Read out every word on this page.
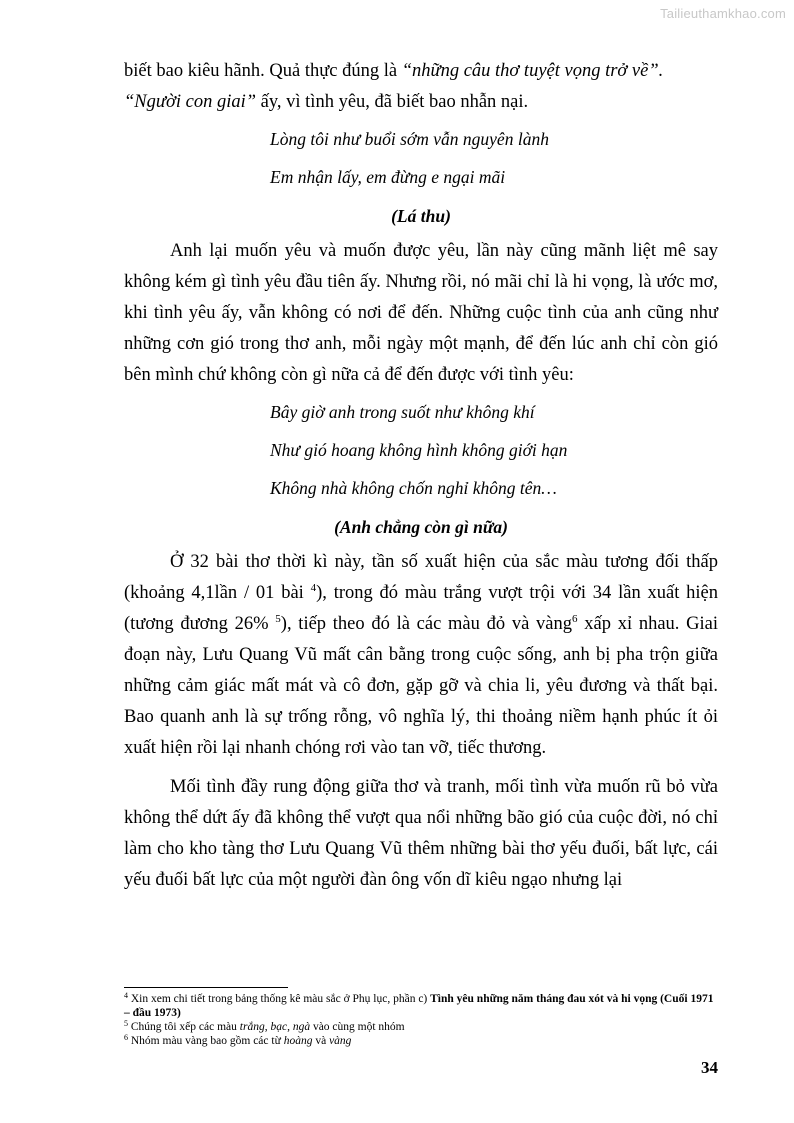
Tailieuthamkhao.com

biết bao kiêu hãnh. Quả thực đúng là “những câu thơ tuyệt vọng trở về”.
“Người con giai” ấy, vì tình yêu, đã biết bao nhẫn nại.

Lòng tôi như buổi sớm vẫn nguyên lành

Em nhận lấy, em đừng e ngại mãi

(Lá thu)

Anh lại muốn yêu và muốn được yêu, lần này cũng mãnh liệt mê say không kém gì tình yêu đầu tiên ấy. Nhưng rồi, nó mãi chỉ là hi vọng, là ước mơ, khi tình yêu ấy, vẫn không có nơi để đến. Những cuộc tình của anh cũng như những cơn gió trong thơ anh, mỗi ngày một mạnh, để đến lúc anh chỉ còn gió bên mình chứ không còn gì nữa cả để đến được với tình yêu:

Bây giờ anh trong suốt như không khí

Như gió hoang không hình không giới hạn

Không nhà không chốn nghỉ không tên…

(Anh chẳng còn gì nữa)

Ở 32 bài thơ thời kì này, tần số xuất hiện của sắc màu tương đối thấp (khoảng 4,1lần / 01 bài $^4$), trong đó màu trắng vượt trội với 34 lần xuất hiện (tương đương 26% $^5$), tiếp theo đó là các màu đỏ và vàng$^6$ xấp xỉ nhau. Giai đoạn này, Lưu Quang Vũ mất cân bằng trong cuộc sống, anh bị pha trộn giữa những cảm giác mất mát và cô đơn, gặp gỡ và chia li, yêu đương và thất bại. Bao quanh anh là sự trống rỗng, vô nghĩa lý, thi thoảng niềm hạnh phúc ít ỏi xuất hiện rồi lại nhanh chóng rơi vào tan vỡ, tiếc thương.

Mối tình đầy rung động giữa thơ và tranh, mối tình vừa muốn rũ bỏ vừa không thể dứt ấy đã không thể vượt qua nổi những bão gió của cuộc đời, nó chỉ làm cho kho tàng thơ Lưu Quang Vũ thêm những bài thơ yếu đuối, bất lực, cái yếu đuối bất lực của một người đàn ông vốn dĩ kiêu ngạo nhưng lại

$^4$ Xin xem chi tiết trong bảng thống kê màu sắc ở Phụ lục, phần c) Tình yêu những năm tháng đau xót và hi vọng (Cuối 1971 – đầu 1973)
$^5$ Chúng tôi xếp các màu trắng, bạc, ngà vào cùng một nhóm
$^6$ Nhóm màu vàng bao gồm các từ hoàng và vàng
34
